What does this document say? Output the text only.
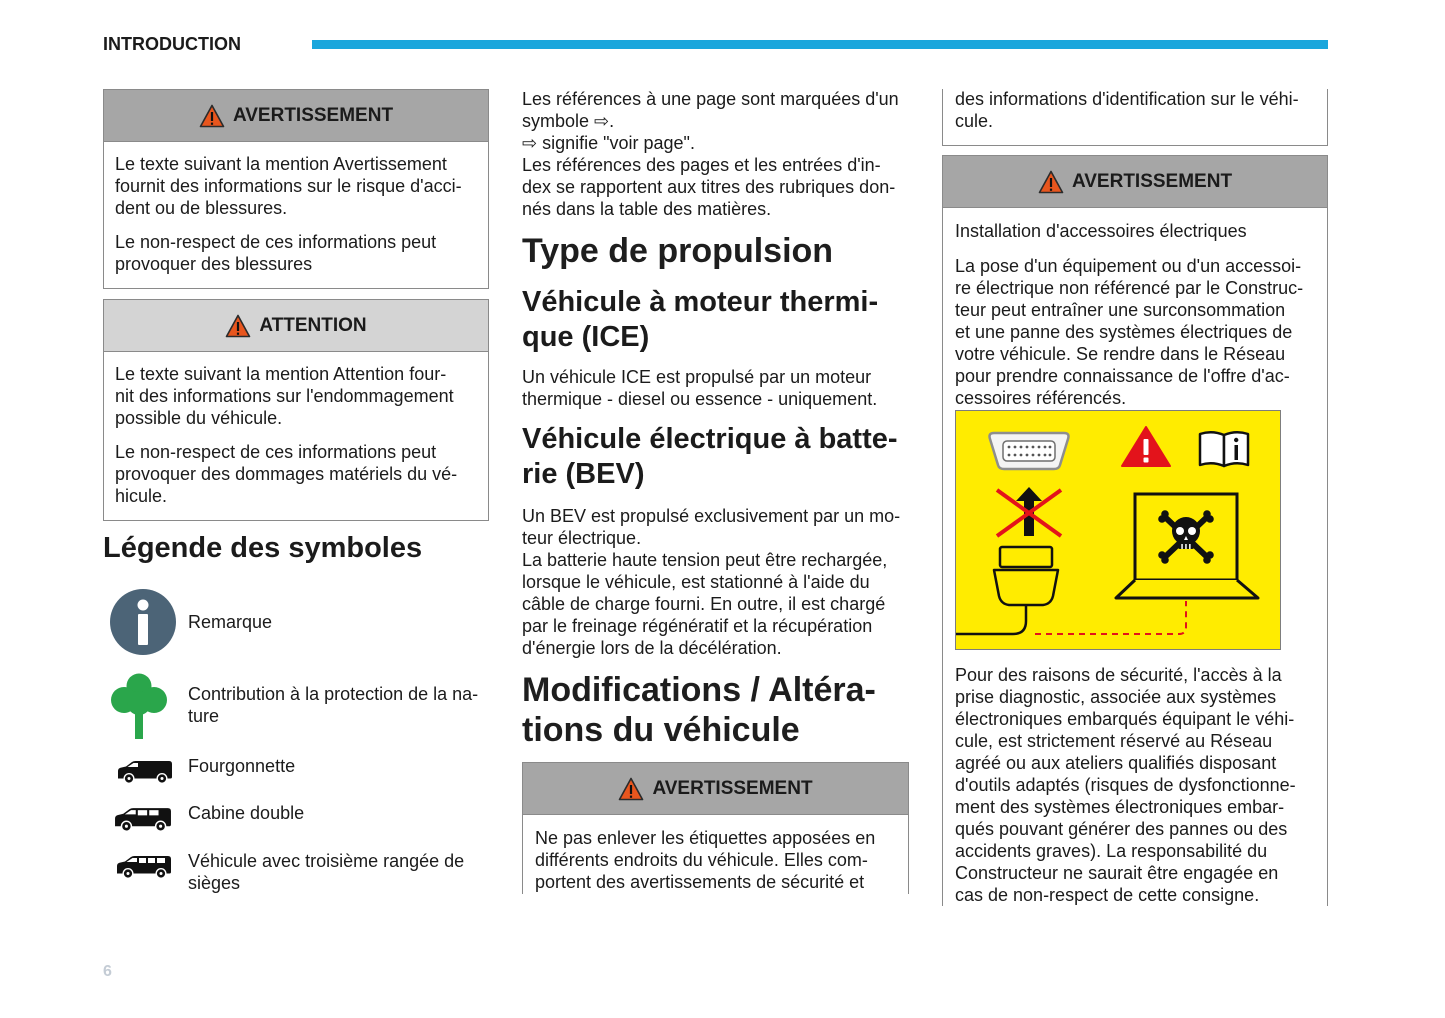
INTRODUCTION
AVERTISSEMENT

Le texte suivant la mention Avertissement
fournit des informations sur le risque d'acci-
dent ou de blessures.

Le non-respect de ces informations peut
provoquer des blessures

ATTENTION

Le texte suivant la mention Attention four-
nit des informations sur l'endommagement
possible du véhicule.

Le non-respect de ces informations peut
provoquer des dommages matériels du vé-
hicule.

Légende des symboles

Remarque

Contribution à la protection de la na-
ture

Fourgonnette

Cabine double

Véhicule avec troisième rangée de
sièges

Les références à une page sont marquées d'un
symbole ⇨.
⇨ signifie "voir page".
Les références des pages et les entrées d'in-
dex se rapportent aux titres des rubriques don-
nés dans la table des matières.

Type de propulsion
Véhicule à moteur thermi-
que (ICE)

Un véhicule ICE est propulsé par un moteur
thermique - diesel ou essence - uniquement.

Véhicule électrique à batte-
rie (BEV)

Un BEV est propulsé exclusivement par un mo-
teur électrique.
La batterie haute tension peut être rechargée,
lorsque le véhicule, est stationné à l'aide du
câble de charge fourni. En outre, il est chargé
par le freinage régénératif et la récupération
d'énergie lors de la décélération.

Modifications / Altéra-
tions du véhicule
AVERTISSEMENT

Ne pas enlever les étiquettes apposées en
différents endroits du véhicule. Elles com-
portent des avertissements de sécurité et

des informations d'identification sur le véhi-
cule.

AVERTISSEMENT

Installation d'accessoires électriques

La pose d'un équipement ou d'un accessoi-
re électrique non référencé par le Construc-
teur peut entraîner une surconsommation
et une panne des systèmes électriques de
votre véhicule. Se rendre dans le Réseau
pour prendre connaissance de l'offre d'ac-
cessoires référencés.

Pour des raisons de sécurité, l'accès à la
prise diagnostic, associée aux systèmes
électroniques embarqués équipant le véhi-
cule, est strictement réservé au Réseau
agréé ou aux ateliers qualifiés disposant
d'outils adaptés (risques de dysfonctionne-
ment des systèmes électroniques embar-
qués pouvant générer des pannes ou des
accidents graves). La responsabilité du
Constructeur ne saurait être engagée en
cas de non-respect de cette consigne.

6
